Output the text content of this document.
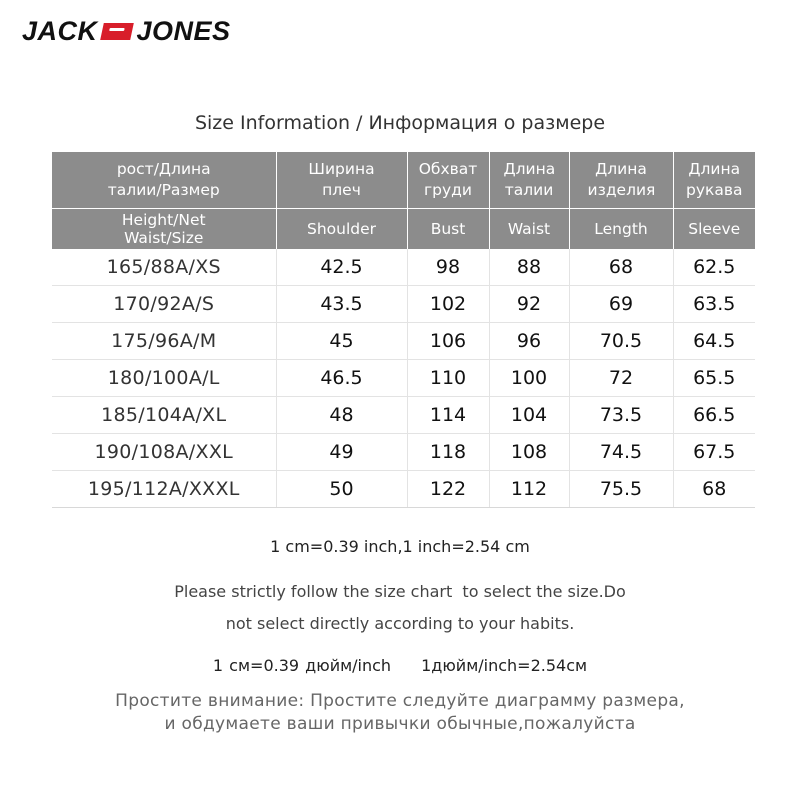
JACK JONES
Size Information / Информация о размере
рост/Длина талии/Размер	Ширина плеч	Обхват груди	Длина талии	Длина изделия	Длина рукава
Height/Net Waist/Size	Shoulder	Bust	Waist	Length	Sleeve
165/88A/XS	42.5	98	88	68	62.5
170/92A/S	43.5	102	92	69	63.5
175/96A/M	45	106	96	70.5	64.5
180/100A/L	46.5	110	100	72	65.5
185/104A/XL	48	114	104	73.5	66.5
190/108A/XXL	49	118	108	74.5	67.5
195/112A/XXXL	50	122	112	75.5	68
1 cm=0.39 inch,1 inch=2.54 cm
Please strictly follow the size chart  to select the size.Do
not select directly according to your habits.
1 см=0.39 дюйм/inch 1дюйм/inch=2.54см
Простите внимание: Простите следуйте диаграмму размера,
и обдумаете ваши привычки обычные,пожалуйста
